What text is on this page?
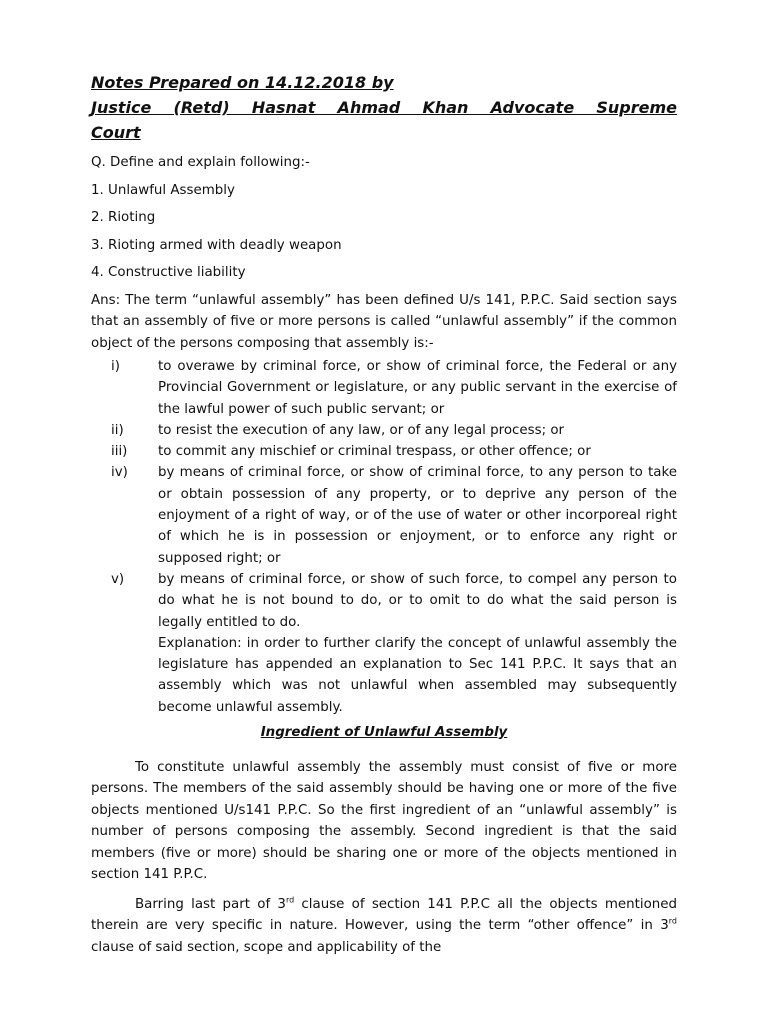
Notes Prepared on 14.12.2018 by

Justice (Retd) Hasnat Ahmad Khan Advocate Supreme

Court

Q. Define and explain following:-

1. Unlawful Assembly

2. Rioting

3. Rioting armed with deadly weapon

4. Constructive liability

Ans: The term “unlawful assembly” has been defined U/s 141, P.P.C. Said section says that an assembly of five or more persons is called “unlawful assembly” if the common object of the persons composing that assembly is:-

i)	to overawe by criminal force, or show of criminal force, the Federal or any Provincial Government or legislature, or any public servant in the exercise of the lawful power of such public servant; or
ii)	to resist the execution of any law, or of any legal process; or
iii)	to commit any mischief or criminal trespass, or other offence; or
iv)	by means of criminal force, or show of criminal force, to any person to take or obtain possession of any property, or to deprive any person of the enjoyment of a right of way, or of the use of water or other incorporeal right of which he is in possession or enjoyment, or to enforce any right or supposed right; or
v)	by means of criminal force, or show of such force, to compel any person to do what he is not bound to do, or to omit to do what the said person is legally entitled to do.

Explanation: in order to further clarify the concept of unlawful assembly the legislature has appended an explanation to Sec 141 P.P.C. It says that an assembly which was not unlawful when assembled may subsequently become unlawful assembly.

Ingredient of Unlawful Assembly

To constitute unlawful assembly the assembly must consist of five or more persons. The members of the said assembly should be having one or more of the five objects mentioned U/s141 P.P.C. So the first ingredient of an “unlawful assembly” is number of persons composing the assembly. Second ingredient is that the said members (five or more) should be sharing one or more of the objects mentioned in section 141 P.P.C.

Barring last part of 3rd clause of section 141 P.P.C all the objects mentioned therein are very specific in nature. However, using the term “other offence” in 3rd clause of said section, scope and applicability of the
